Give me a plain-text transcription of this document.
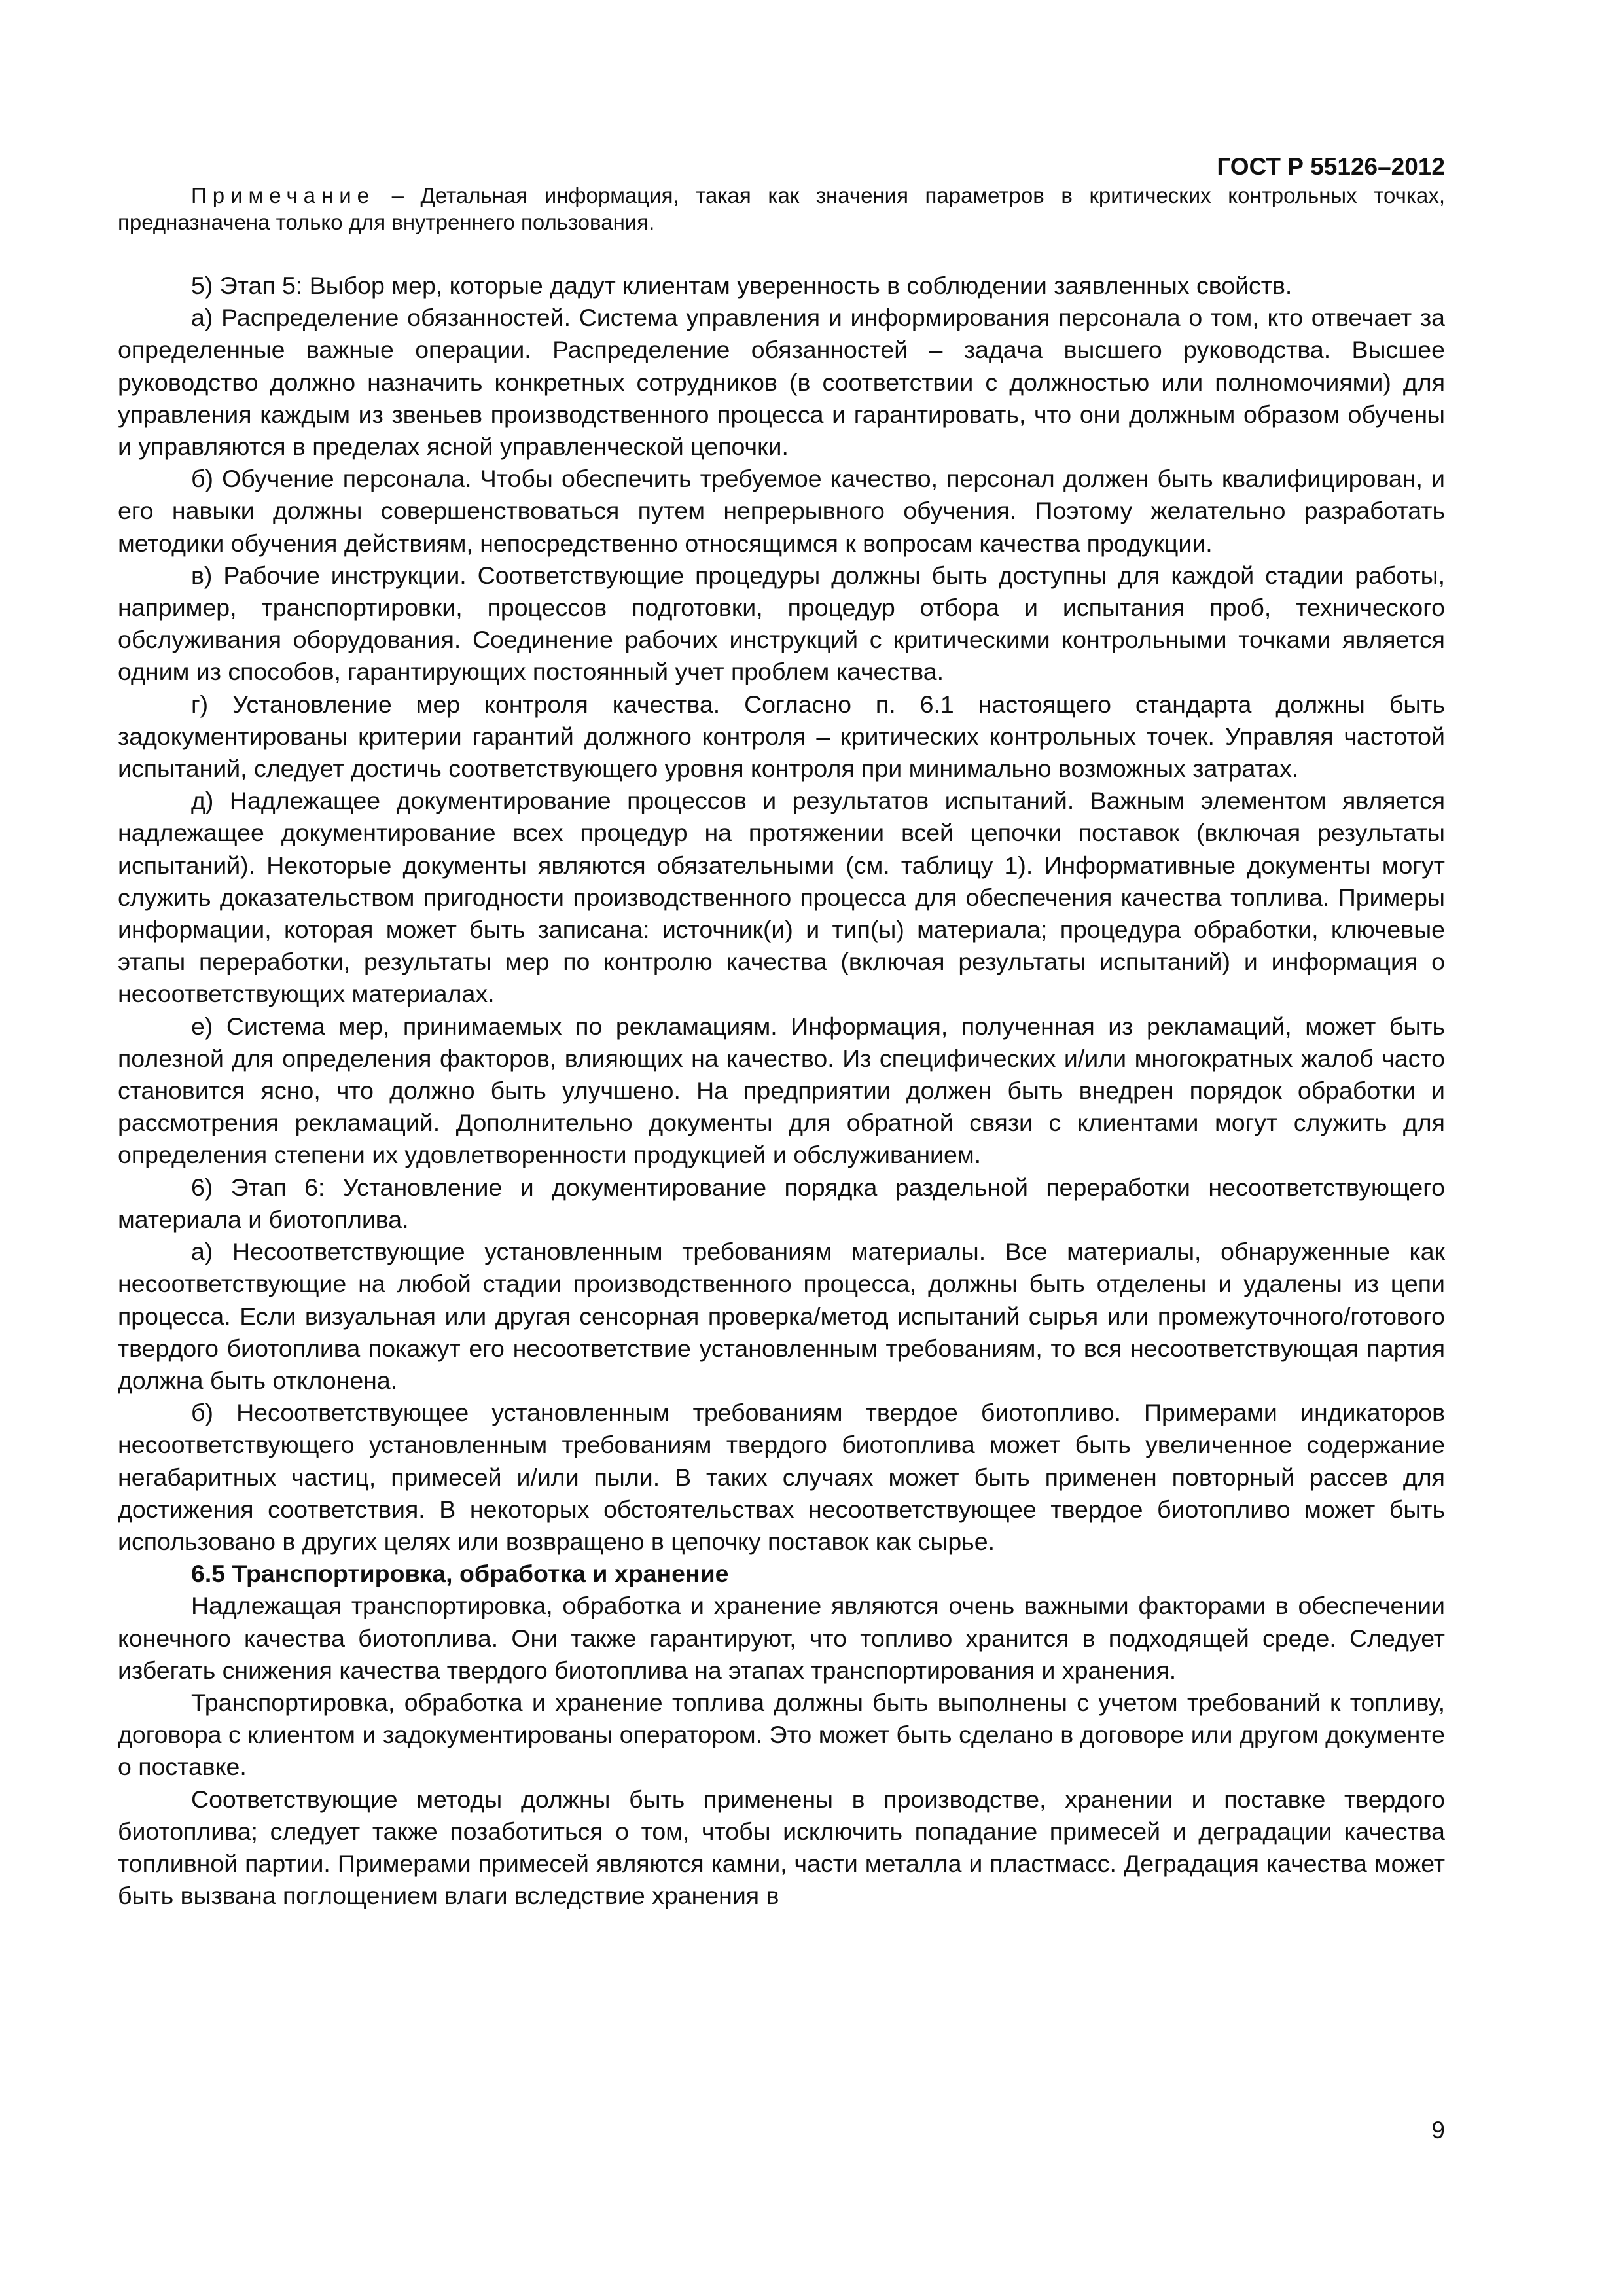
ГОСТ Р 55126–2012

Примечание – Детальная информация, такая как значения параметров в критических контрольных точках, предназначена только для внутреннего пользования.

5) Этап 5: Выбор мер, которые дадут клиентам уверенность в соблюдении заявленных свойств.

а) Распределение обязанностей. Система управления и информирования персонала о том, кто отвечает за определенные важные операции. Распределение обязанностей – задача высшего руководства. Высшее руководство должно назначить конкретных сотрудников (в соответствии с должностью или полномочиями) для управления каждым из звеньев производственного процесса и гарантировать, что они должным образом обучены и управляются в пределах ясной управленческой цепочки.

б) Обучение персонала. Чтобы обеспечить требуемое качество, персонал должен быть квалифицирован, и его навыки должны совершенствоваться путем непрерывного обучения. Поэтому желательно разработать методики обучения действиям, непосредственно относящимся к вопросам качества продукции.

в) Рабочие инструкции. Соответствующие процедуры должны быть доступны для каждой стадии работы, например, транспортировки, процессов подготовки, процедур отбора и испытания проб, технического обслуживания оборудования. Соединение рабочих инструкций с критическими контрольными точками является одним из способов, гарантирующих постоянный учет проблем качества.

г) Установление мер контроля качества. Согласно п. 6.1 настоящего стандарта должны быть задокументированы критерии гарантий должного контроля – критических контрольных точек. Управляя частотой испытаний, следует достичь соответствующего уровня контроля при минимально возможных затратах.

д) Надлежащее документирование процессов и результатов испытаний. Важным элементом является надлежащее документирование всех процедур на протяжении всей цепочки поставок (включая результаты испытаний). Некоторые документы являются обязательными (см. таблицу 1). Информативные документы могут служить доказательством пригодности производственного процесса для обеспечения качества топлива. Примеры информации, которая может быть записана: источник(и) и тип(ы) материала; процедура обработки, ключевые этапы переработки, результаты мер по контролю качества (включая результаты испытаний) и информация о несоответствующих материалах.

е) Система мер, принимаемых по рекламациям. Информация, полученная из рекламаций, может быть полезной для определения факторов, влияющих на качество. Из специфических и/или многократных жалоб часто становится ясно, что должно быть улучшено. На предприятии должен быть внедрен порядок обработки и рассмотрения рекламаций. Дополнительно документы для обратной связи с клиентами могут служить для определения степени их удовлетворенности продукцией и обслуживанием.

6) Этап 6: Установление и документирование порядка раздельной переработки несоответствующего материала и биотоплива.

а) Несоответствующие установленным требованиям материалы. Все материалы, обнаруженные как несоответствующие на любой стадии производственного процесса, должны быть отделены и удалены из цепи процесса. Если визуальная или другая сенсорная проверка/метод испытаний сырья или промежуточного/готового твердого биотоплива покажут его несоответствие установленным требованиям, то вся несоответствующая партия должна быть отклонена.

б) Несоответствующее установленным требованиям твердое биотопливо. Примерами индикаторов несоответствующего установленным требованиям твердого биотоплива может быть увеличенное содержание негабаритных частиц, примесей и/или пыли. В таких случаях может быть применен повторный рассев для достижения соответствия. В некоторых обстоятельствах несоответствующее твердое биотопливо может быть использовано в других целях или возвращено в цепочку поставок как сырье.

6.5 Транспортировка, обработка и хранение

Надлежащая транспортировка, обработка и хранение являются очень важными факторами в обеспечении конечного качества биотоплива. Они также гарантируют, что топливо хранится в подходящей среде. Следует избегать снижения качества твердого биотоплива на этапах транспортирования и хранения.

Транспортировка, обработка и хранение топлива должны быть выполнены с учетом требований к топливу, договора с клиентом и задокументированы оператором. Это может быть сделано в договоре или другом документе о поставке.

Соответствующие методы должны быть применены в производстве, хранении и поставке твердого биотоплива; следует также позаботиться о том, чтобы исключить попадание примесей и деградации качества топливной партии. Примерами примесей являются камни, части металла и пластмасс. Деградация качества может быть вызвана поглощением влаги вследствие хранения в

9
